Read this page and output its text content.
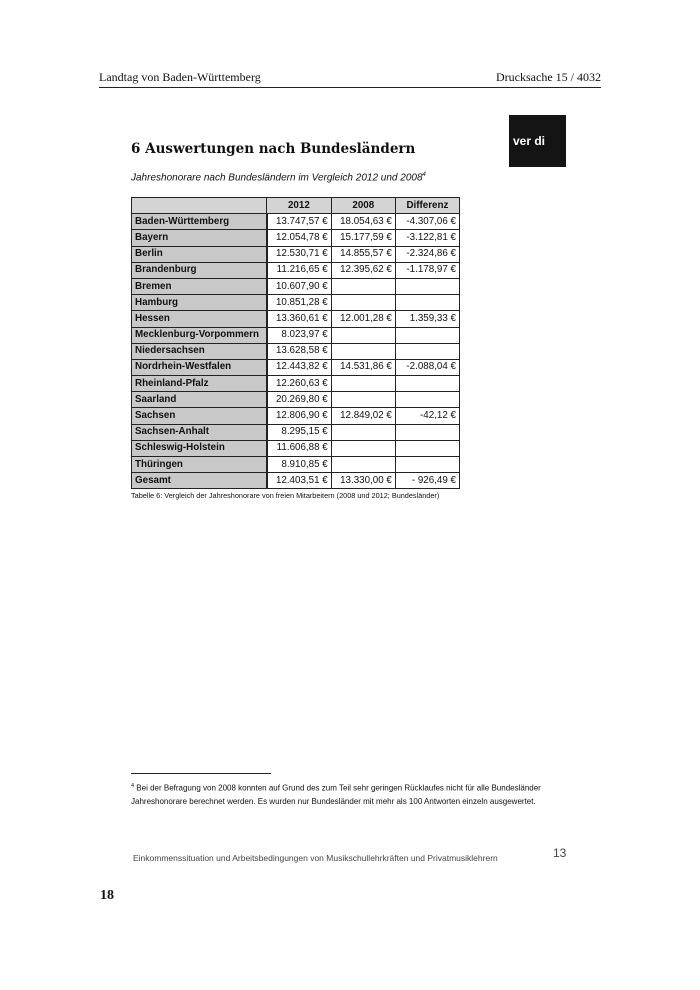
Landtag von Baden-Württemberg	Drucksache 15 / 4032
ver di
6 Auswertungen nach Bundesländern
Jahreshonorare nach Bundesländern im Vergleich 2012 und 2008$^4$
	2012	2008	Differenz
Baden-Württemberg	13.747,57 €	18.054,63 €	-4.307,06 €
Bayern	12.054,78 €	15.177,59 €	-3.122,81 €
Berlin	12.530,71 €	14.855,57 €	-2.324,86 €
Brandenburg	11.216,65 €	12.395,62 €	-1.178,97 €
Bremen	10.607,90 €		
Hamburg	10.851,28 €		
Hessen	13.360,61 €	12.001,28 €	1.359,33 €
Mecklenburg-Vorpommern	8.023,97 €		
Niedersachsen	13.628,58 €		
Nordrhein-Westfalen	12.443,82 €	14.531,86 €	-2.088,04 €
Rheinland-Pfalz	12.260,63 €		
Saarland	20.269,80 €		
Sachsen	12.806,90 €	12.849,02 €	-42,12 €
Sachsen-Anhalt	8.295,15 €		
Schleswig-Holstein	11.606,88 €		
Thüringen	8.910,85 €		
Gesamt	12.403,51 €	13.330,00 €	- 926,49 €
Tabelle 6: Vergleich der Jahreshonorare von freien Mitarbeitern (2008 und 2012; Bundesländer)
$^4$ Bei der Befragung von 2008 konnten auf Grund des zum Teil sehr geringen Rücklaufes nicht für alle Bundesländer Jahreshonorare berechnet werden. Es wurden nur Bundesländer mit mehr als 100 Antworten einzeln ausgewertet.
Einkommenssituation und Arbeitsbedingungen von Musikschullehrkräften und Privatmusiklehrern	13
18
